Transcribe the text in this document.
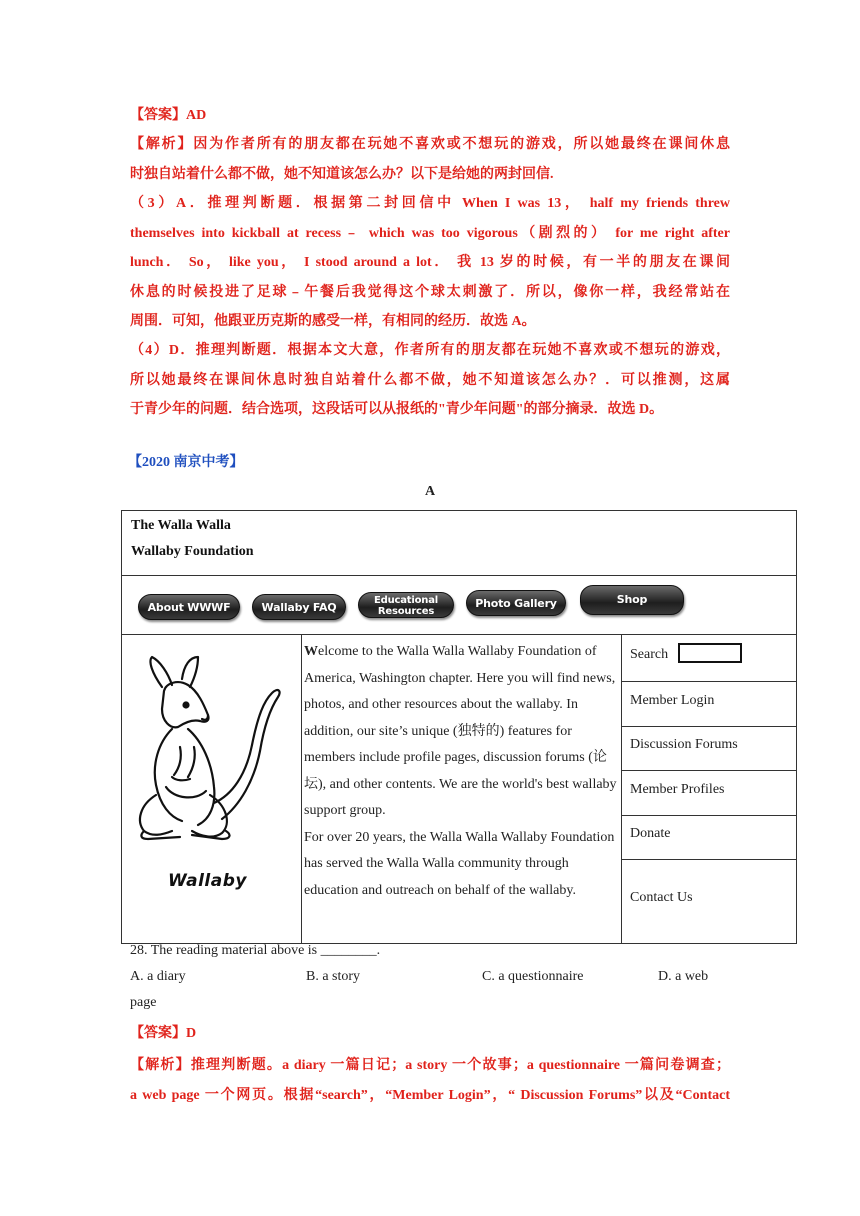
【答案】AD
【解析】因为作者所有的朋友都在玩她不喜欢或不想玩的游戏，所以她最终在课间休息
时独自站着什么都不做，她不知道该怎么办？以下是给她的两封回信.
（3）A．推理判断题．根据第二封回信中 When I was 13， half my friends threw
themselves into kickball at recess﹣ which was too vigorous（剧烈的） for me right after
lunch． So， like you， I stood around a lot． 我 13 岁的时候，有一半的朋友在课间
休息的时候投进了足球﹣午餐后我觉得这个球太刺激了．所以，像你一样，我经常站在
周围．可知，他跟亚历克斯的感受一样，有相同的经历．故选 A。
（4）D．推理判断题．根据本文大意，作者所有的朋友都在玩她不喜欢或不想玩的游戏，
所以她最终在课间休息时独自站着什么都不做，她不知道该怎么办？．可以推测，这属
于青少年的问题．结合选项，这段话可以从报纸的"青少年问题"的部分摘录．故选 D。
【2020 南京中考】
A
The Walla Walla
Wallaby Foundation
About WWWF	Wallaby FAQ
Educational
Resources
Photo Gallery	Shop
Wallaby
Welcome to the Walla Walla Wallaby Foundation of America, Washington chapter. Here you will find news, photos, and other resources about the wallaby. In addition, our site’s unique (独特的) features for members include profile pages, discussion forums (论坛), and other contents. We are the world's best wallaby support group.
For over 20 years, the Walla Walla Wallaby Foundation has served the Walla Walla community through education and outreach on behalf of the wallaby.
Search
Member Login
Discussion Forums
Member Profiles
Donate
Contact Us
28. The reading material above is ________.
A. a diary	B. a story	C. a questionnaire	D. a web
page
【答案】D
【解析】推理判断题。a diary 一篇日记；a story 一个故事；a questionnaire 一篇问卷调查；
a web page 一个网页。根据“search”，“Member Login”，“ Discussion Forums”以及“Contact
